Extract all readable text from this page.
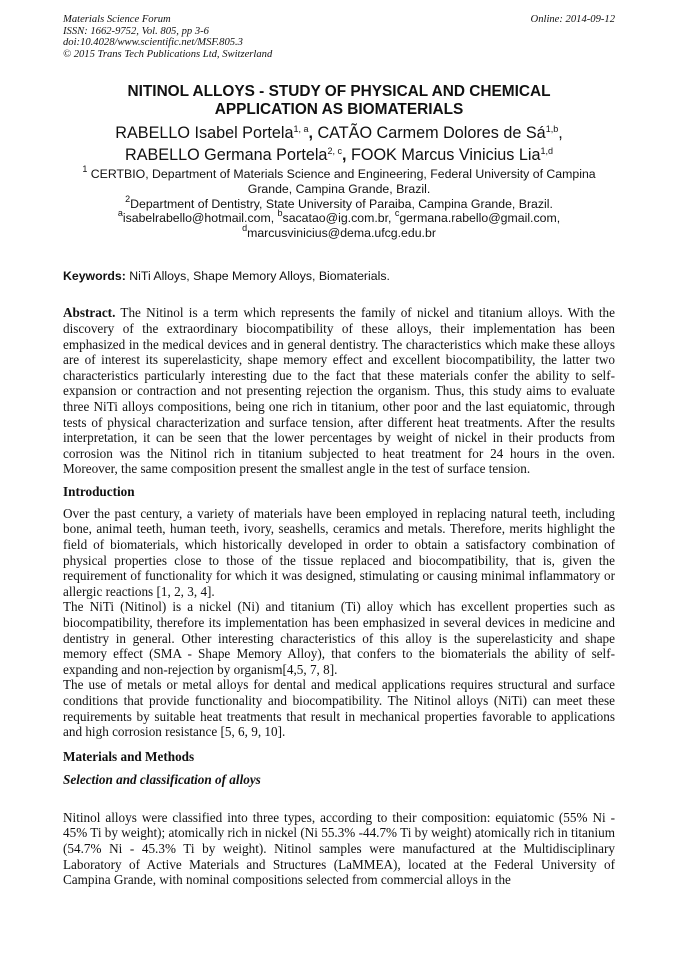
Materials Science Forum
ISSN: 1662-9752, Vol. 805, pp 3-6
doi:10.4028/www.scientific.net/MSF.805.3
© 2015 Trans Tech Publications Ltd, Switzerland
Online: 2014-09-12
NITINOL ALLOYS - STUDY OF PHYSICAL AND CHEMICAL
APPLICATION AS BIOMATERIALS
RABELLO Isabel Portela$^{1, a}$, CATÃO Carmem Dolores de Sá$^{1,b}$,
RABELLO Germana Portela$^{2, c}$, FOOK Marcus Vinicius Lia$^{1,d}$
$^1$ CERTBIO, Department of Materials Science and Engineering, Federal University of Campina Grande, Campina Grande, Brazil.
$^2$Department of Dentistry, State University of Paraiba, Campina Grande, Brazil.
$^a$isabelrabello@hotmail.com, $^b$sacatao@ig.com.br, $^c$germana.rabello@gmail.com,
$^d$marcusvinicius@dema.ufcg.edu.br
Keywords: NiTi Alloys, Shape Memory Alloys, Biomaterials.

Abstract. The Nitinol is a term which represents the family of nickel and titanium alloys. With the discovery of the extraordinary biocompatibility of these alloys, their implementation has been emphasized in the medical devices and in general dentistry. The characteristics which make these alloys are of interest its superelasticity, shape memory effect and excellent biocompatibility, the latter two characteristics particularly interesting due to the fact that these materials confer the ability to self-expansion or contraction and not presenting rejection the organism. Thus, this study aims to evaluate three NiTi alloys compositions, being one rich in titanium, other poor and the last equiatomic, through tests of physical characterization and surface tension, after different heat treatments. After the results interpretation, it can be seen that the lower percentages by weight of nickel in their products from corrosion was the Nitinol rich in titanium subjected to heat treatment for 24 hours in the oven. Moreover, the same composition present the smallest angle in the test of surface tension.

Introduction

Over the past century, a variety of materials have been employed in replacing natural teeth, including bone, animal teeth, human teeth, ivory, seashells, ceramics and metals. Therefore, merits highlight the field of biomaterials, which historically developed in order to obtain a satisfactory combination of physical properties close to those of the tissue replaced and biocompatibility, that is, given the requirement of functionality for which it was designed, stimulating or causing minimal inflammatory or allergic reactions [1, 2, 3, 4].

The NiTi (Nitinol) is a nickel (Ni) and titanium (Ti) alloy which has excellent properties such as biocompatibility, therefore its implementation has been emphasized in several devices in medicine and dentistry in general. Other interesting characteristics of this alloy is the superelasticity and shape memory effect (SMA - Shape Memory Alloy), that confers to the biomaterials the ability of self-expanding and non-rejection by organism[4,5, 7, 8].

The use of metals or metal alloys for dental and medical applications requires structural and surface conditions that provide functionality and biocompatibility. The Nitinol alloys (NiTi) can meet these requirements by suitable heat treatments that result in mechanical properties favorable to applications and high corrosion resistance [5, 6, 9, 10].

Materials and Methods
Selection and classification of alloys

Nitinol alloys were classified into three types, according to their composition: equiatomic (55% Ni - 45% Ti by weight); atomically rich in nickel (Ni 55.3% -44.7% Ti by weight) atomically rich in titanium (54.7% Ni - 45.3% Ti by weight). Nitinol samples were manufactured at the Multidisciplinary Laboratory of Active Materials and Structures (LaMMEA), located at the Federal University of Campina Grande, with nominal compositions selected from commercial alloys in the
